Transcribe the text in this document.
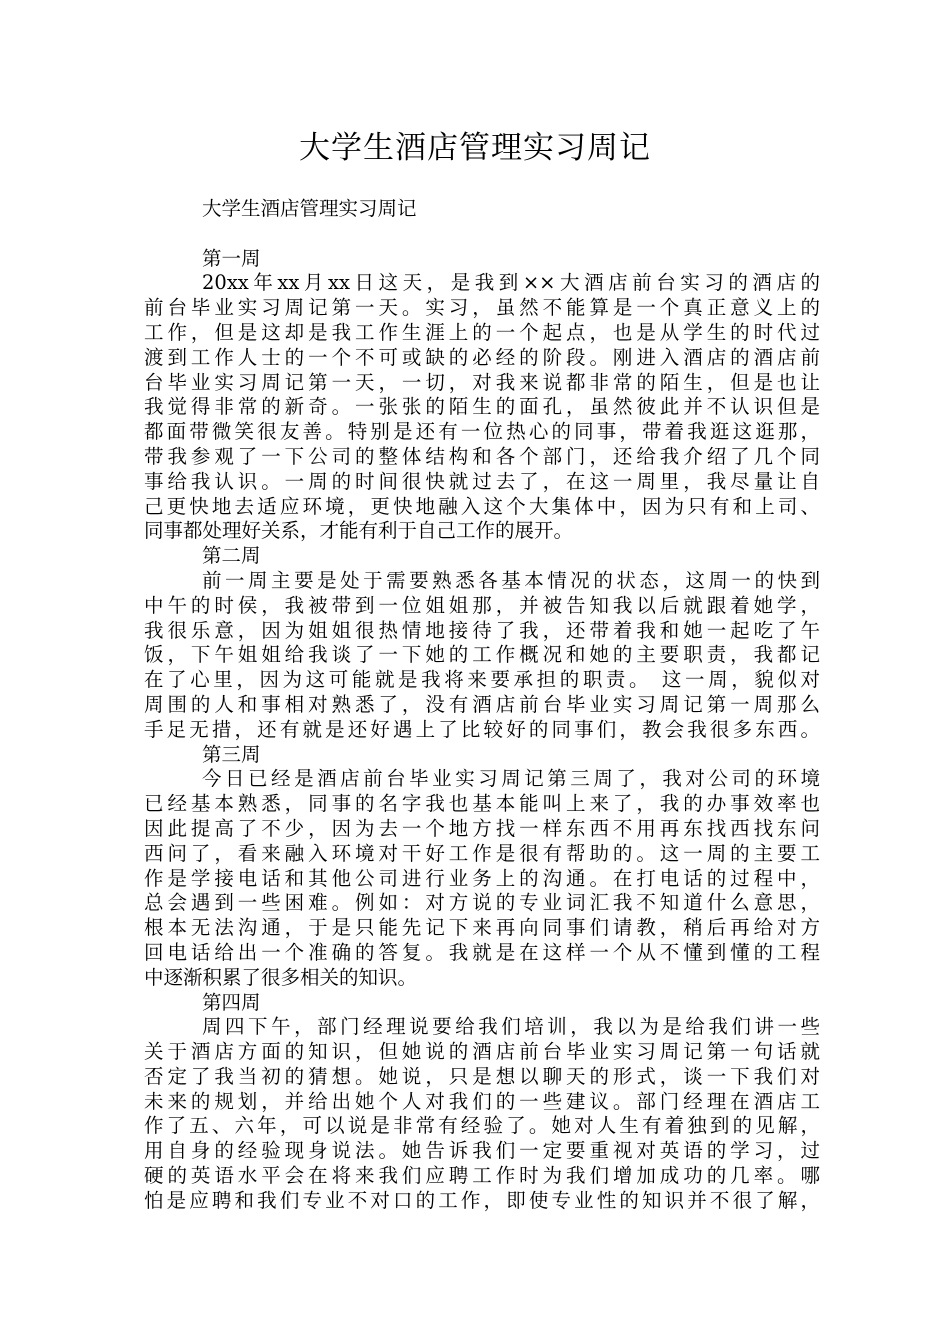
大学生酒店管理实习周记
大学生酒店管理实习周记
第一周
20xx年xx月xx日这天，是我到××大酒店前台实习的酒店的
前台毕业实习周记第一天。实习，虽然不能算是一个真正意义上的
工作，但是这却是我工作生涯上的一个起点，也是从学生的时代过
渡到工作人士的一个不可或缺的必经的阶段。刚进入酒店的酒店前
台毕业实习周记第一天，一切，对我来说都非常的陌生，但是也让
我觉得非常的新奇。一张张的陌生的面孔，虽然彼此并不认识但是
都面带微笑很友善。特别是还有一位热心的同事，带着我逛这逛那，
带我参观了一下公司的整体结构和各个部门，还给我介绍了几个同
事给我认识。一周的时间很快就过去了，在这一周里，我尽量让自
己更快地去适应环境，更快地融入这个大集体中，因为只有和上司、
同事都处理好关系，才能有利于自己工作的展开。
第二周
前一周主要是处于需要熟悉各基本情况的状态，这周一的快到
中午的时侯，我被带到一位姐姐那，并被告知我以后就跟着她学，
我很乐意，因为姐姐很热情地接待了我，还带着我和她一起吃了午
饭，下午姐姐给我谈了一下她的工作概况和她的主要职责，我都记
在了心里，因为这可能就是我将来要承担的职责。 这一周，貌似对
周围的人和事相对熟悉了，没有酒店前台毕业实习周记第一周那么
手足无措，还有就是还好遇上了比较好的同事们，教会我很多东西。
第三周
今日已经是酒店前台毕业实习周记第三周了，我对公司的环境
已经基本熟悉，同事的名字我也基本能叫上来了，我的办事效率也
因此提高了不少，因为去一个地方找一样东西不用再东找西找东问
西问了，看来融入环境对干好工作是很有帮助的。这一周的主要工
作是学接电话和其他公司进行业务上的沟通。在打电话的过程中，
总会遇到一些困难。例如：对方说的专业词汇我不知道什么意思，
根本无法沟通，于是只能先记下来再向同事们请教，稍后再给对方
回电话给出一个准确的答复。我就是在这样一个从不懂到懂的工程
中逐渐积累了很多相关的知识。
第四周
周四下午，部门经理说要给我们培训，我以为是给我们讲一些
关于酒店方面的知识，但她说的酒店前台毕业实习周记第一句话就
否定了我当初的猜想。她说，只是想以聊天的形式，谈一下我们对
未来的规划，并给出她个人对我们的一些建议。部门经理在酒店工
作了五、六年，可以说是非常有经验了。她对人生有着独到的见解，
用自身的经验现身说法。她告诉我们一定要重视对英语的学习，过
硬的英语水平会在将来我们应聘工作时为我们增加成功的几率。哪
怕是应聘和我们专业不对口的工作，即使专业性的知识并不很了解，
